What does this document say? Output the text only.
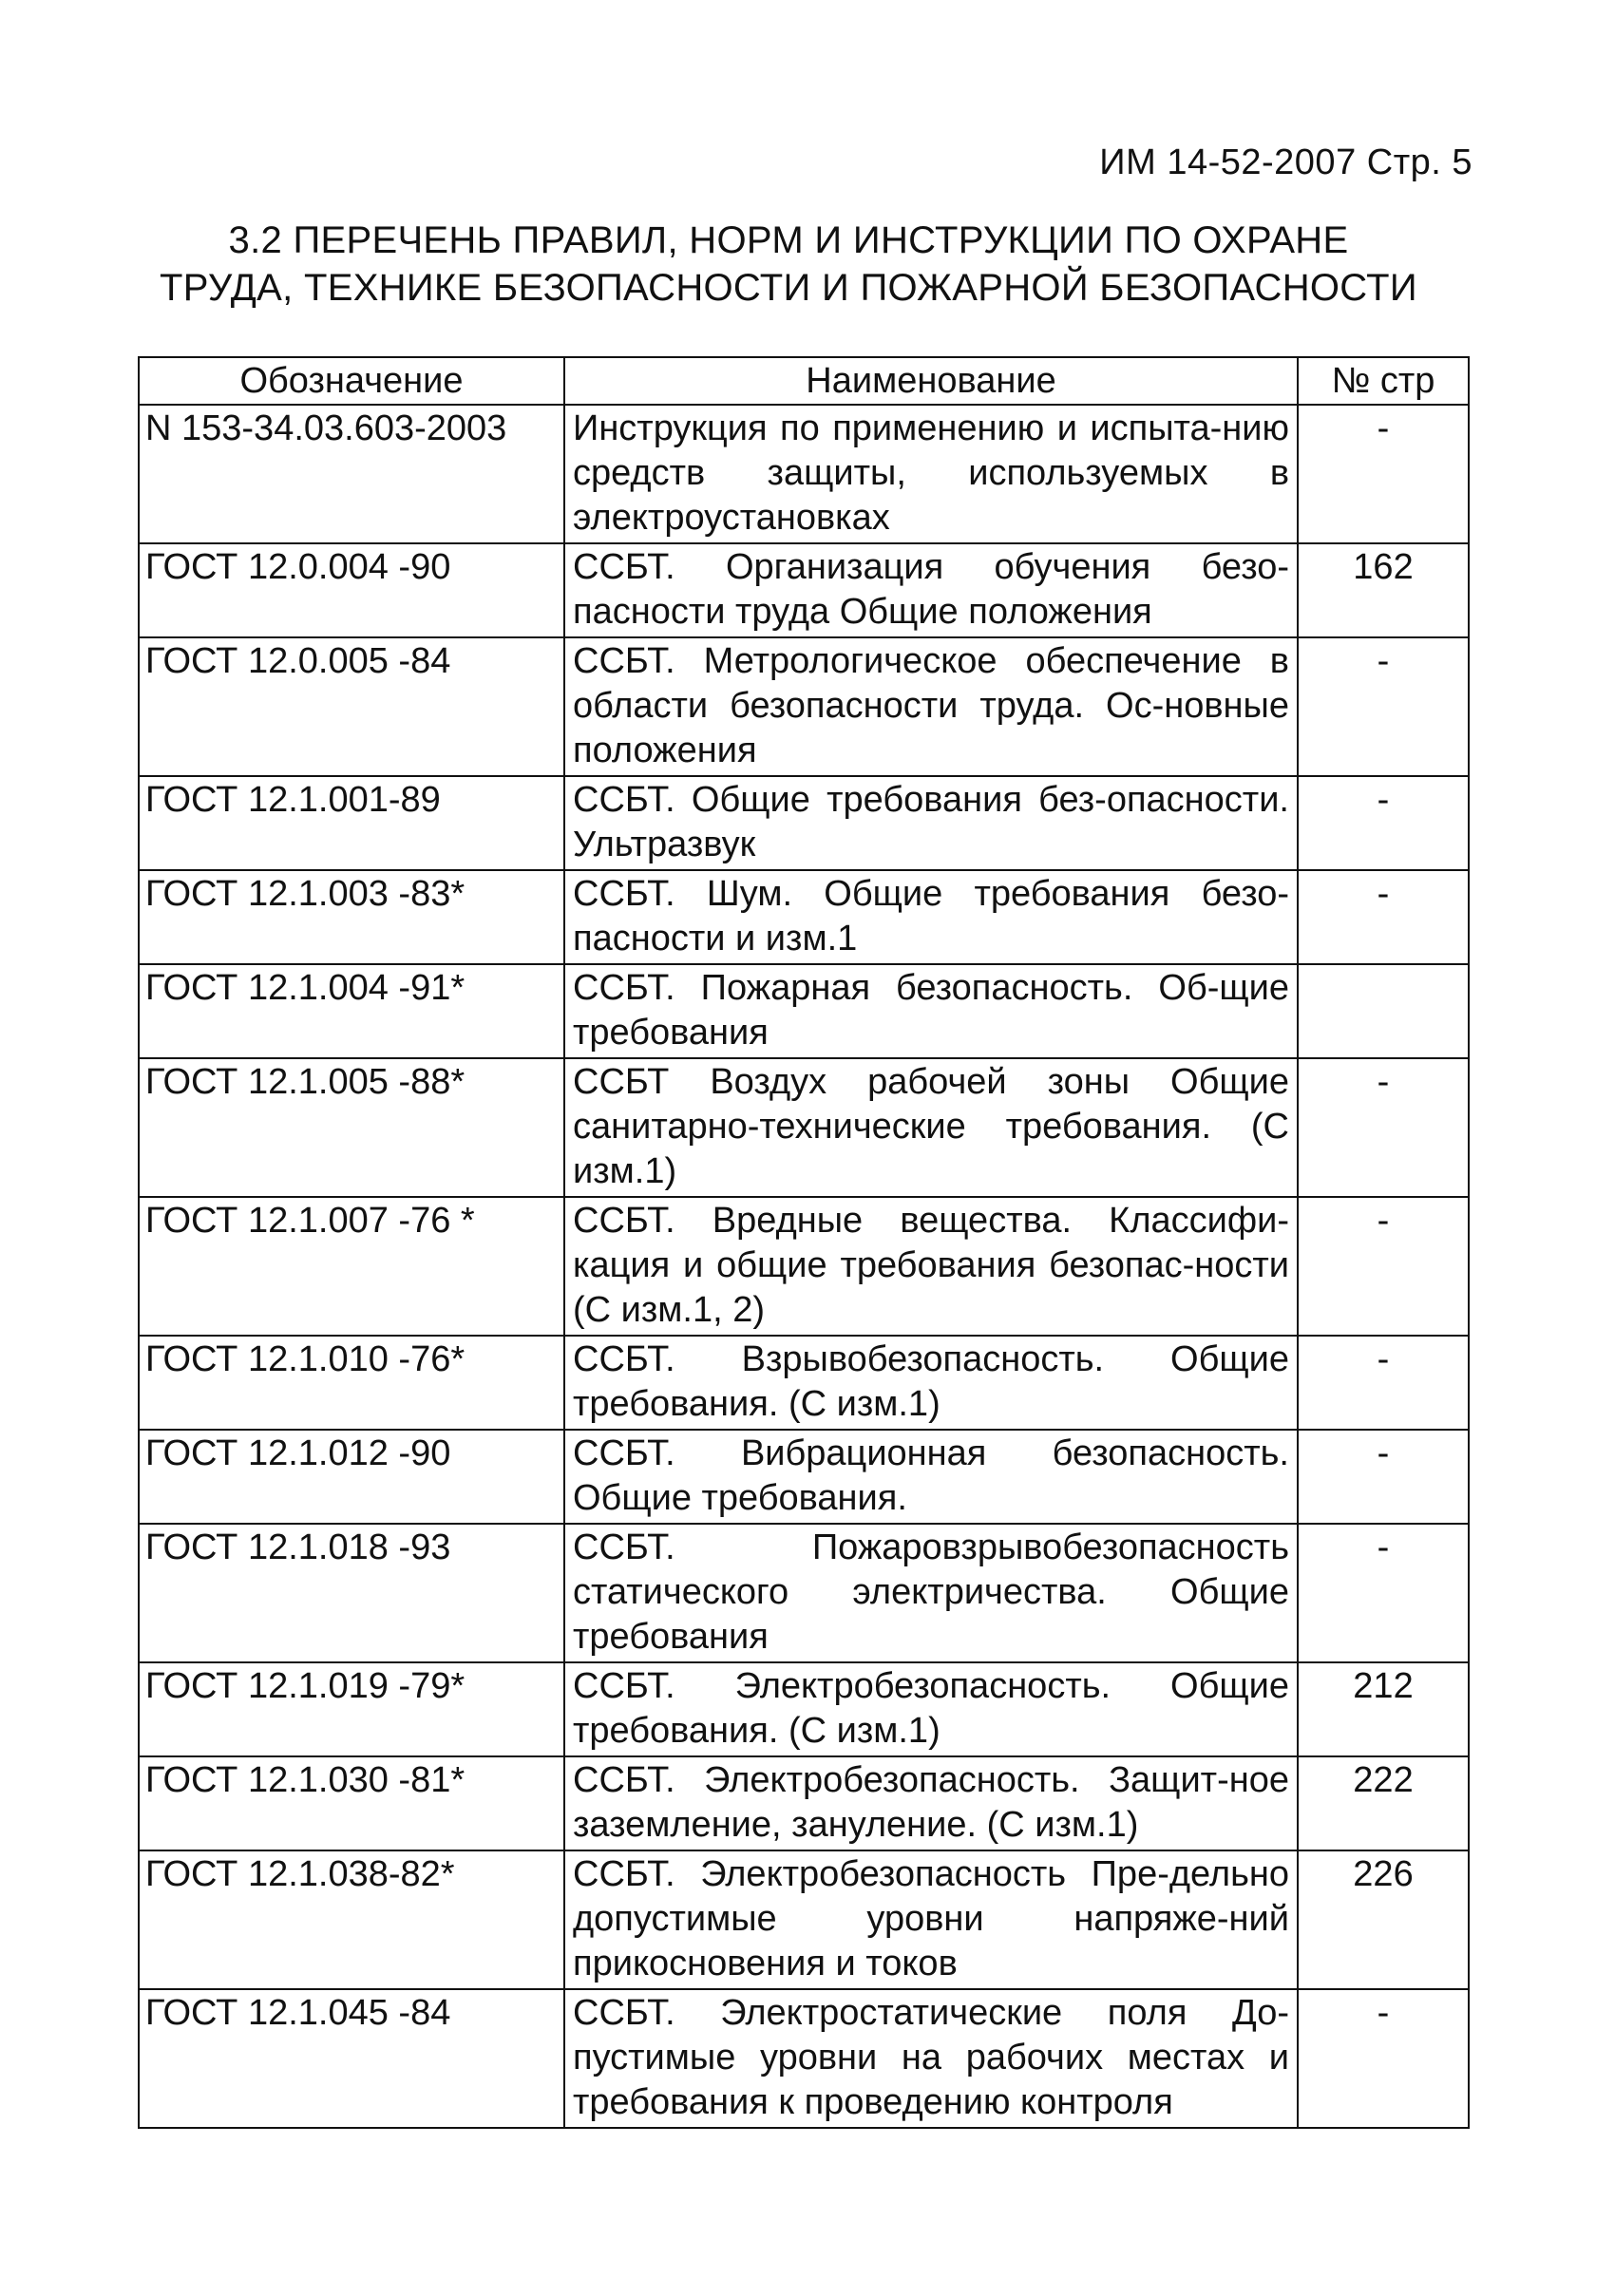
ИМ 14-52-2007 Стр. 5
3.2 ПЕРЕЧЕНЬ ПРАВИЛ, НОРМ И ИНСТРУКЦИИ ПО ОХРАНЕ
ТРУДА, ТЕХНИКЕ БЕЗОПАСНОСТИ И ПОЖАРНОЙ БЕЗОПАСНОСТИ
Обозначение	Наименование	№ стр
N 153-34.03.603-2003	Инструкция по применению и испыта-нию средств защиты, используемых в электроустановках	-
ГОСТ 12.0.004 -90	ССБТ. Организация обучения безо-пасности труда Общие положения	162
ГОСТ 12.0.005 -84	ССБТ. Метрологическое обеспечение в области безопасности труда. Ос-новные положения	-
ГОСТ 12.1.001-89	ССБТ. Общие требования без-опасности. Ультразвук	-
ГОСТ 12.1.003 -83*	ССБТ. Шум. Общие требования безо-пасности и изм.1	-
ГОСТ 12.1.004 -91*	ССБТ. Пожарная безопасность. Об-щие требования	
ГОСТ 12.1.005 -88*	ССБТ Воздух рабочей зоны Общие санитарно-технические требования. (С изм.1)	-
ГОСТ 12.1.007 -76 *	ССБТ. Вредные вещества. Классифи-кация и общие требования безопас-ности (С изм.1, 2)	-
ГОСТ 12.1.010 -76*	ССБТ. Взрывобезопасность. Общие требования. (С изм.1)	-
ГОСТ 12.1.012 -90	ССБТ. Вибрационная безопасность. Общие требования.	-
ГОСТ 12.1.018 -93	ССБТ. Пожаровзрывобезопасность статического электричества. Общие требования	-
ГОСТ 12.1.019 -79*	ССБТ. Электробезопасность. Общие требования. (С изм.1)	212
ГОСТ 12.1.030 -81*	ССБТ. Электробезопасность. Защит-ное заземление, зануление. (С изм.1)	222
ГОСТ 12.1.038-82*	ССБТ. Электробезопасность Пре-дельно допустимые уровни напряже-ний прикосновения и токов	226
ГОСТ 12.1.045 -84	ССБТ. Электростатические поля До-пустимые уровни на рабочих местах и требования к проведению контроля	-
